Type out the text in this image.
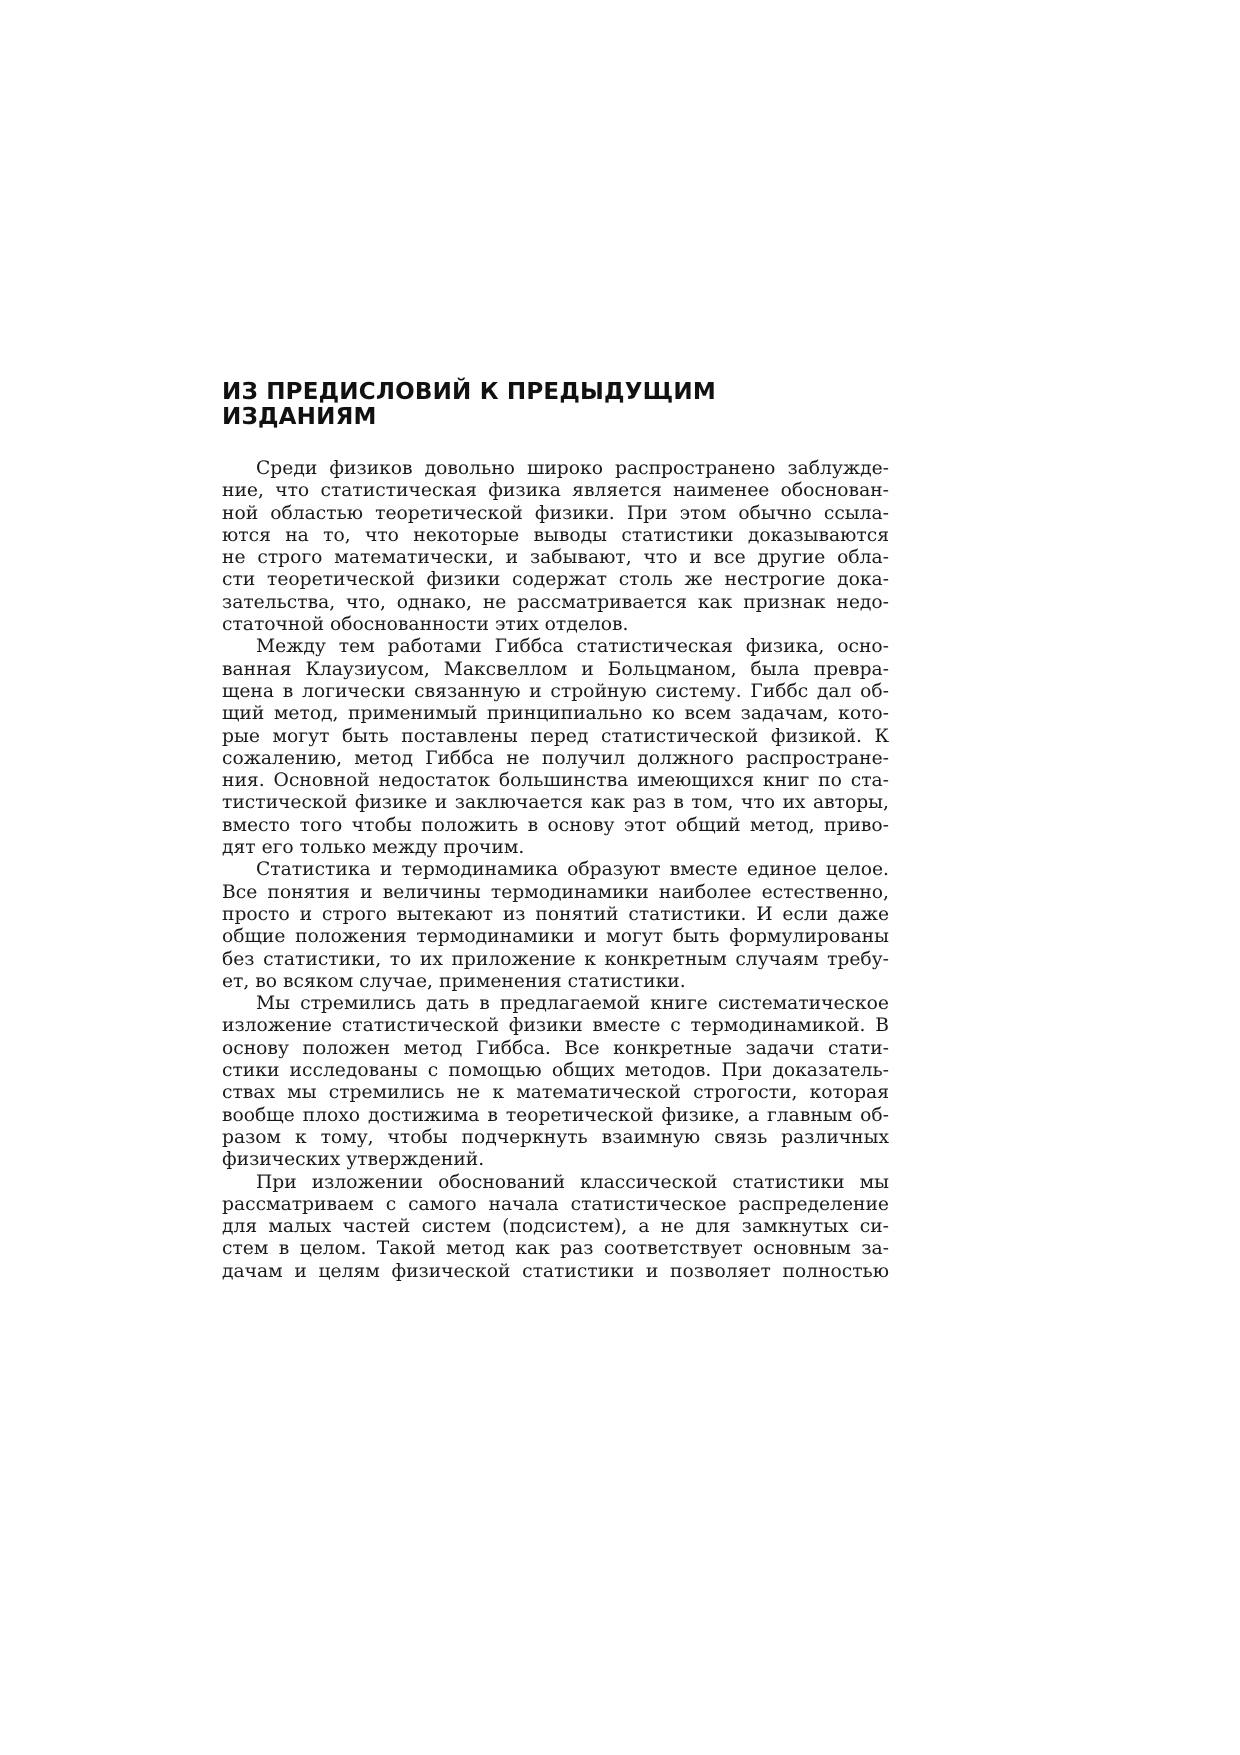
ИЗ ПРЕДИСЛОВИЙ К ПРЕДЫДУЩИМ
ИЗДАНИЯМ

Среди физиков довольно широко распространено заблужде-
ние, что статистическая физика является наименее обоснован-
ной областью теоретической физики. При этом обычно ссыла-
ются на то, что некоторые выводы статистики доказываются
не строго математически, и забывают, что и все другие обла-
сти теоретической физики содержат столь же нестрогие дока-
зательства, что, однако, не рассматривается как признак недо-
статочной обоснованности этих отделов.

Между тем работами Гиббса статистическая физика, осно-
ванная Клаузиусом, Максвеллом и Больцманом, была превра-
щена в логически связанную и стройную систему. Гиббс дал об-
щий метод, применимый принципиально ко всем задачам, кото-
рые могут быть поставлены перед статистической физикой. К
сожалению, метод Гиббса не получил должного распростране-
ния. Основной недостаток большинства имеющихся книг по ста-
тистической физике и заключается как раз в том, что их авторы,
вместо того чтобы положить в основу этот общий метод, приво-
дят его только между прочим.

Статистика и термодинамика образуют вместе единое целое.
Все понятия и величины термодинамики наиболее естественно,
просто и строго вытекают из понятий статистики. И если даже
общие положения термодинамики и могут быть формулированы
без статистики, то их приложение к конкретным случаям требу-
ет, во всяком случае, применения статистики.

Мы стремились дать в предлагаемой книге систематическое
изложение статистической физики вместе с термодинамикой. В
основу положен метод Гиббса. Все конкретные задачи стати-
стики исследованы с помощью общих методов. При доказатель-
ствах мы стремились не к математической строгости, которая
вообще плохо достижима в теоретической физике, а главным об-
разом к тому, чтобы подчеркнуть взаимную связь различных
физических утверждений.

При изложении обоснований классической статистики мы
рассматриваем с самого начала статистическое распределение
для малых частей систем (подсистем), а не для замкнутых си-
стем в целом. Такой метод как раз соответствует основным за-
дачам и целям физической статистики и позволяет полностью
